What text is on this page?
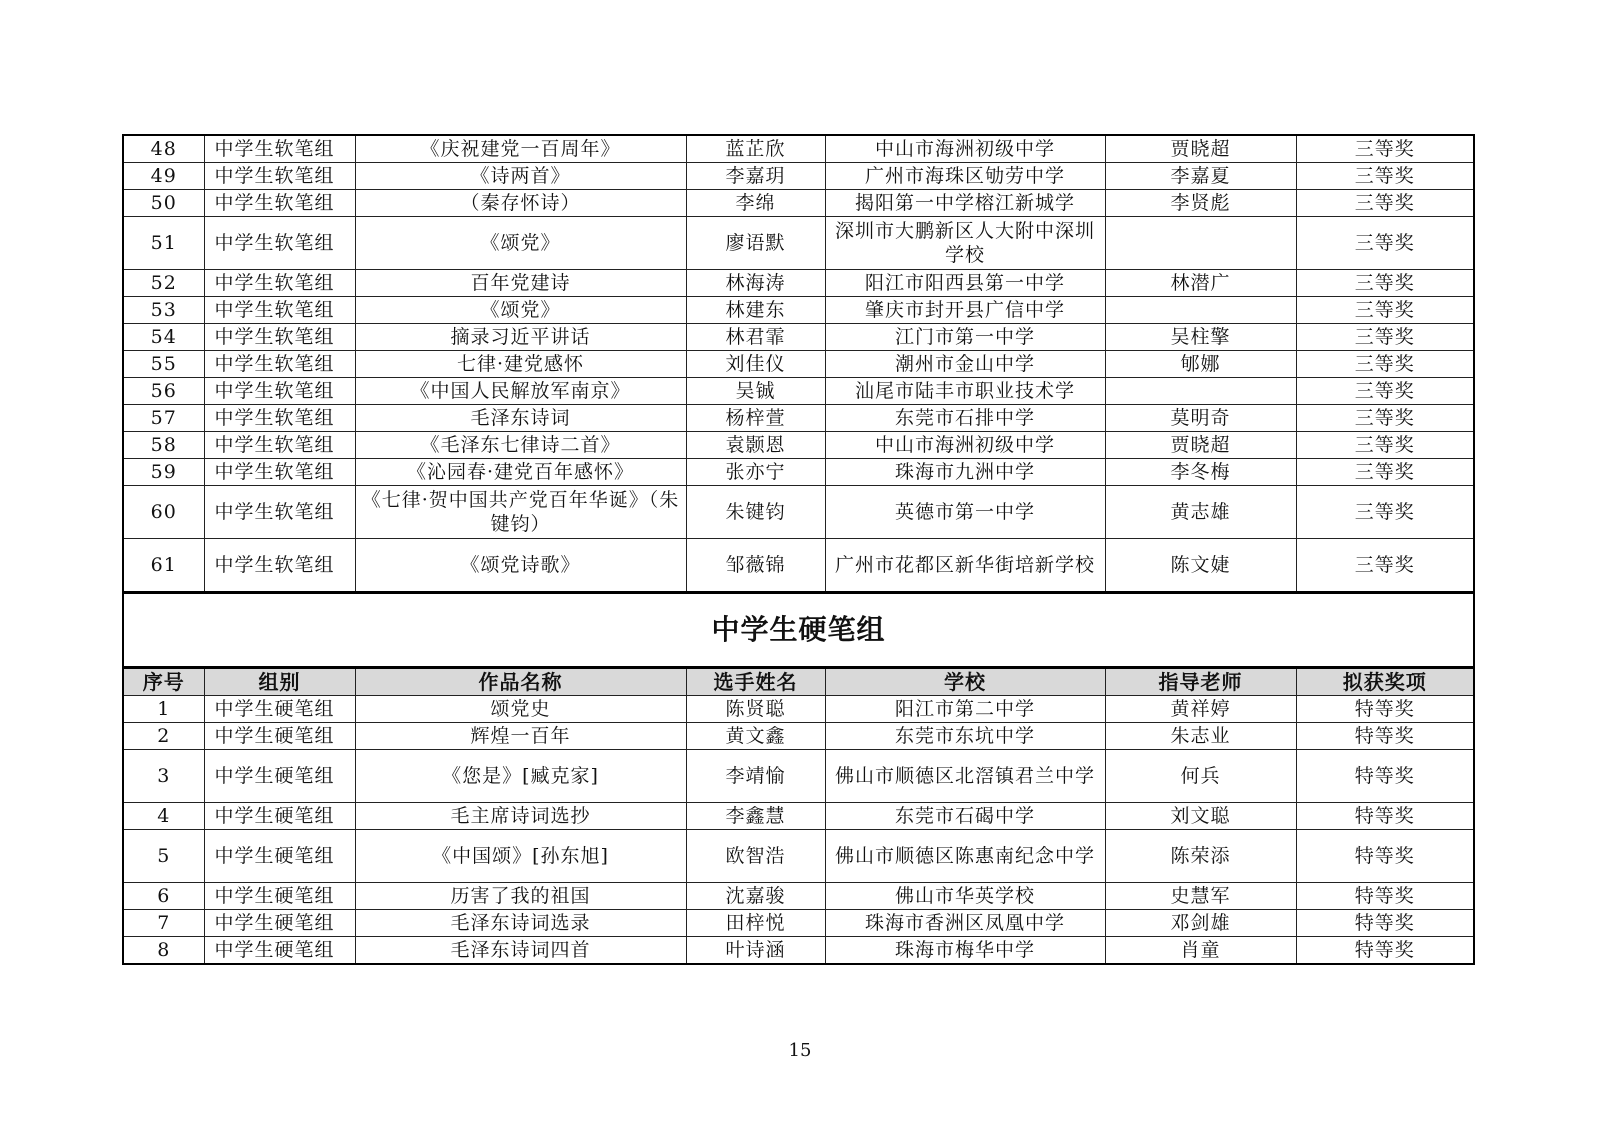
48	中学生软笔组	《庆祝建党一百周年》	蓝芷欣	中山市海洲初级中学	贾晓超	三等奖
49	中学生软笔组	《诗两首》	李嘉玥	广州市海珠区劬劳中学	李嘉夏	三等奖
50	中学生软笔组	（秦存怀诗）	李绵	揭阳第一中学榕江新城学	李贤彪	三等奖
51	中学生软笔组	《颂党》	廖语默	深圳市大鹏新区人大附中深圳学校		三等奖
52	中学生软笔组	百年党建诗	林海涛	阳江市阳西县第一中学	林潜广	三等奖
53	中学生软笔组	《颂党》	林建东	肇庆市封开县广信中学		三等奖
54	中学生软笔组	摘录习近平讲话	林君霏	江门市第一中学	吴柱擎	三等奖
55	中学生软笔组	七律·建党感怀	刘佳仪	潮州市金山中学	郇娜	三等奖
56	中学生软笔组	《中国人民解放军南京》	吴铖	汕尾市陆丰市职业技术学		三等奖
57	中学生软笔组	毛泽东诗词	杨梓萱	东莞市石排中学	莫明奇	三等奖
58	中学生软笔组	《毛泽东七律诗二首》	袁颢恩	中山市海洲初级中学	贾晓超	三等奖
59	中学生软笔组	《沁园春·建党百年感怀》	张亦宁	珠海市九洲中学	李冬梅	三等奖
60	中学生软笔组	《七律·贺中国共产党百年华诞》（朱键钧）	朱键钧	英德市第一中学	黄志雄	三等奖
61	中学生软笔组	《颂党诗歌》	邹薇锦	广州市花都区新华街培新学校	陈文婕	三等奖
中学生硬笔组						
序号	组别	作品名称	选手姓名	学校	指导老师	拟获奖项
1	中学生硬笔组	颂党史	陈贤聪	阳江市第二中学	黄祥婷	特等奖
2	中学生硬笔组	辉煌一百年	黄文鑫	东莞市东坑中学	朱志业	特等奖
3	中学生硬笔组	《您是》[臧克家]	李靖愉	佛山市顺德区北滘镇君兰中学	何兵	特等奖
4	中学生硬笔组	毛主席诗词选抄	李鑫慧	东莞市石碣中学	刘文聪	特等奖
5	中学生硬笔组	《中国颂》[孙东旭]	欧智浩	佛山市顺德区陈惠南纪念中学	陈荣添	特等奖
6	中学生硬笔组	历害了我的祖国	沈嘉骏	佛山市华英学校	史慧军	特等奖
7	中学生硬笔组	毛泽东诗词选录	田梓悦	珠海市香洲区凤凰中学	邓剑雄	特等奖
8	中学生硬笔组	毛泽东诗词四首	叶诗涵	珠海市梅华中学	肖童	特等奖
15
